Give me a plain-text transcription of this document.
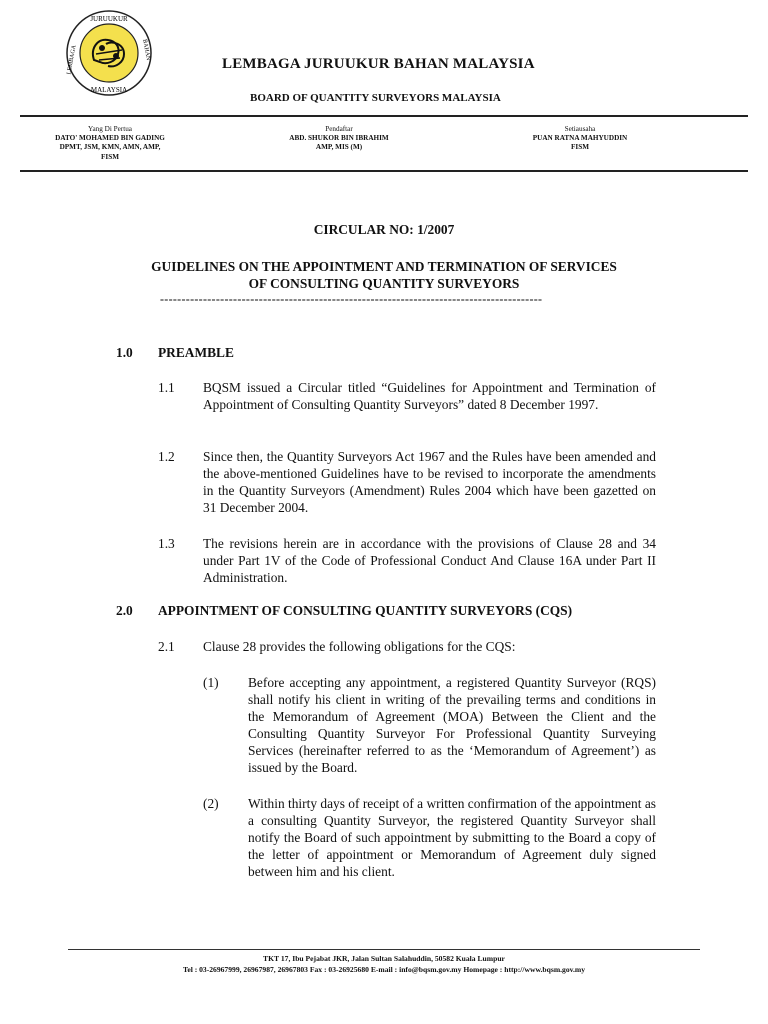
JURUUKUR
MALAYSIA
LEMBAGA	BAHAN
LEMBAGA JURUUKUR BAHAN MALAYSIA
BOARD OF QUANTITY SURVEYORS MALAYSIA
Yang Di Pertua
DATO' MOHAMED BIN GADING
DPMT, JSM, KMN, AMN, AMP,
FISM
Pendaftar
ABD. SHUKOR BIN IBRAHIM
AMP, MIS (M)
Setiausaha
PUAN RATNA MAHYUDDIN
FISM
CIRCULAR NO: 1/2007
GUIDELINES ON THE APPOINTMENT AND TERMINATION OF SERVICES
OF CONSULTING QUANTITY SURVEYORS
-----------------------------------------------------------------------------------------
1.0 PREAMBLE
1.1 BQSM issued a Circular titled “Guidelines for Appointment and Termination of Appointment of Consulting Quantity Surveyors” dated 8 December 1997.
1.2 Since then, the Quantity Surveyors Act 1967 and the Rules have been amended and the above-mentioned Guidelines have to be revised to incorporate the amendments in the Quantity Surveyors (Amendment) Rules 2004 which have been gazetted on 31 December 2004.
1.3 The revisions herein are in accordance with the provisions of Clause 28 and 34 under Part 1V of the Code of Professional Conduct And Clause 16A under Part II Administration.
2.0 APPOINTMENT OF CONSULTING QUANTITY SURVEYORS (CQS)
2.1 Clause 28 provides the following obligations for the CQS:
(1) Before accepting any appointment, a registered Quantity Surveyor (RQS) shall notify his client in writing of the prevailing terms and conditions in the Memorandum of Agreement (MOA) Between the Client and the Consulting Quantity Surveyor For Professional Quantity Surveying Services (hereinafter referred to as the ‘Memorandum of Agreement’) as issued by the Board.
(2) Within thirty days of receipt of a written confirmation of the appointment as a consulting Quantity Surveyor, the registered Quantity Surveyor shall notify the Board of such appointment by submitting to the Board a copy of the letter of appointment or Memorandum of Agreement duly signed between him and his client.
TKT 17, Ibu Pejabat JKR, Jalan Sultan Salahuddin, 50582 Kuala Lumpur
Tel : 03-26967999, 26967987, 26967803 Fax : 03-26925680 E-mail : info@bqsm.gov.my Homepage : http://www.bqsm.gov.my
